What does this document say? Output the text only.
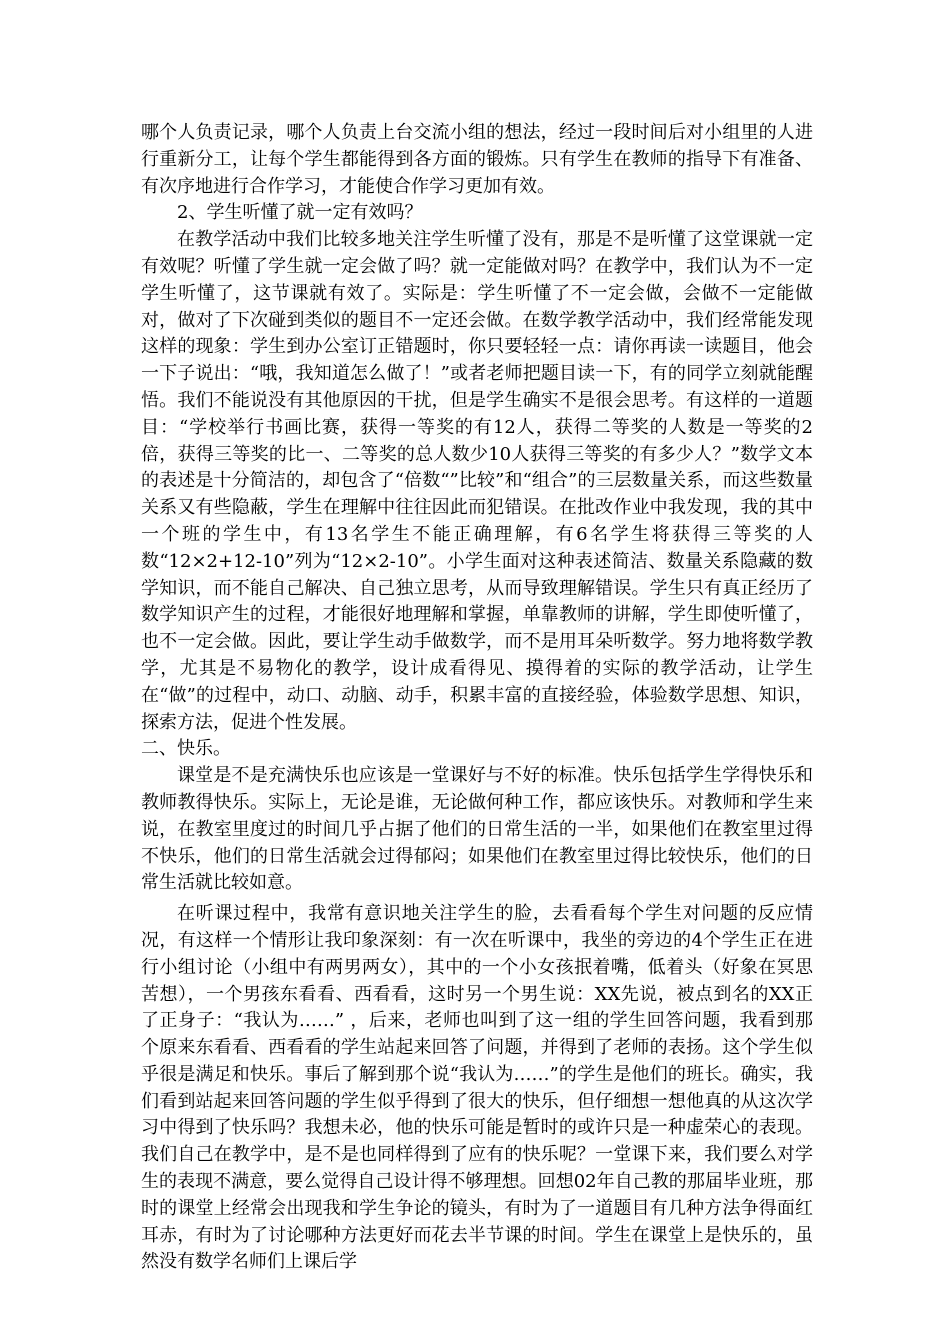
哪个人负责记录，哪个人负责上台交流小组的想法，经过一段时间后对小组里的人进行重新分工，让每个学生都能得到各方面的锻炼。只有学生在教师的指导下有准备、有次序地进行合作学习，才能使合作学习更加有效。

2、学生听懂了就一定有效吗？

在教学活动中我们比较多地关注学生听懂了没有，那是不是听懂了这堂课就一定有效呢？听懂了学生就一定会做了吗？就一定能做对吗？在教学中，我们认为不一定学生听懂了，这节课就有效了。实际是：学生听懂了不一定会做，会做不一定能做对，做对了下次碰到类似的题目不一定还会做。在数学教学活动中，我们经常能发现这样的现象：学生到办公室订正错题时，你只要轻轻一点：请你再读一读题目，他会一下子说出：“哦，我知道怎么做了！”或者老师把题目读一下，有的同学立刻就能醒悟。我们不能说没有其他原因的干扰，但是学生确实不是很会思考。有这样的一道题目：“学校举行书画比赛，获得一等奖的有12人，获得二等奖的人数是一等奖的2倍，获得三等奖的比一、二等奖的总人数少10人获得三等奖的有多少人？”数学文本的表述是十分简洁的，却包含了“倍数“”比较”和“组合”的三层数量关系，而这些数量关系又有些隐蔽，学生在理解中往往因此而犯错误。在批改作业中我发现，我的其中一个班的学生中，有13名学生不能正确理解，有6名学生将获得三等奖的人数“12×2+12-10”列为“12×2-10”。小学生面对这种表述简洁、数量关系隐藏的数学知识，而不能自己解决、自己独立思考，从而导致理解错误。学生只有真正经历了数学知识产生的过程，才能很好地理解和掌握，单靠教师的讲解，学生即使听懂了，也不一定会做。因此，要让学生动手做数学，而不是用耳朵听数学。努力地将数学教学，尤其是不易物化的教学，设计成看得见、摸得着的实际的教学活动，让学生在“做”的过程中，动口、动脑、动手，积累丰富的直接经验，体验数学思想、知识，探索方法，促进个性发展。

二、快乐。

课堂是不是充满快乐也应该是一堂课好与不好的标准。快乐包括学生学得快乐和教师教得快乐。实际上，无论是谁，无论做何种工作，都应该快乐。对教师和学生来说，在教室里度过的时间几乎占据了他们的日常生活的一半，如果他们在教室里过得不快乐，他们的日常生活就会过得郁闷；如果他们在教室里过得比较快乐，他们的日常生活就比较如意。

在听课过程中，我常有意识地关注学生的脸，去看看每个学生对问题的反应情况，有这样一个情形让我印象深刻：有一次在听课中，我坐的旁边的4个学生正在进行小组讨论（小组中有两男两女），其中的一个小女孩抿着嘴，低着头（好象在冥思苦想），一个男孩东看看、西看看，这时另一个男生说：XX先说，被点到名的XX正了正身子：“我认为……” ，后来，老师也叫到了这一组的学生回答问题，我看到那个原来东看看、西看看的学生站起来回答了问题，并得到了老师的表扬。这个学生似乎很是满足和快乐。事后了解到那个说“我认为……”的学生是他们的班长。确实，我们看到站起来回答问题的学生似乎得到了很大的快乐，但仔细想一想他真的从这次学习中得到了快乐吗？我想未必，他的快乐可能是暂时的或许只是一种虚荣心的表现。我们自己在教学中，是不是也同样得到了应有的快乐呢？一堂课下来，我们要么对学生的表现不满意，要么觉得自己设计得不够理想。回想02年自己教的那届毕业班，那时的课堂上经常会出现我和学生争论的镜头，有时为了一道题目有几种方法争得面红耳赤，有时为了讨论哪种方法更好而花去半节课的时间。学生在课堂上是快乐的，虽然没有数学名师们上课后学
